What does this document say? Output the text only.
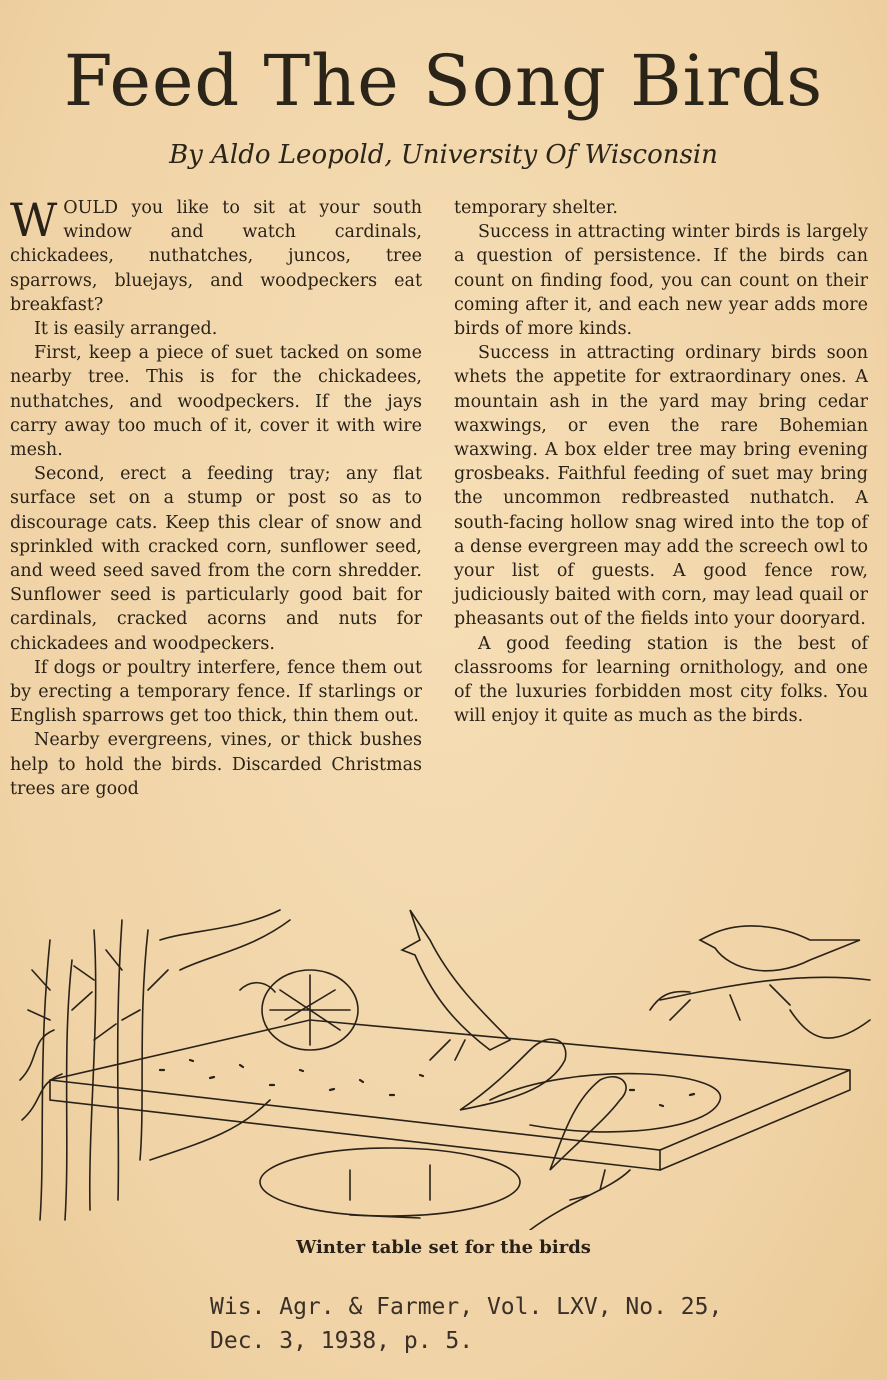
Feed The Song Birds
By Aldo Leopold, University Of Wisconsin

WOULD you like to sit at your south window and watch cardinals, chickadees, nuthatches, juncos, tree sparrows, bluejays, and woodpeckers eat breakfast?

It is easily arranged.

First, keep a piece of suet tacked on some nearby tree. This is for the chickadees, nuthatches, and woodpeckers. If the jays carry away too much of it, cover it with wire mesh.

Second, erect a feeding tray; any flat surface set on a stump or post so as to discourage cats. Keep this clear of snow and sprinkled with cracked corn, sunflower seed, and weed seed saved from the corn shredder. Sunflower seed is particularly good bait for cardinals, cracked acorns and nuts for chickadees and woodpeckers.

If dogs or poultry interfere, fence them out by erecting a temporary fence. If starlings or English sparrows get too thick, thin them out.

Nearby evergreens, vines, or thick bushes help to hold the birds. Discarded Christmas trees are good

temporary shelter.

Success in attracting winter birds is largely a question of persistence. If the birds can count on finding food, you can count on their coming after it, and each new year adds more birds of more kinds.

Success in attracting ordinary birds soon whets the appetite for extraordinary ones. A mountain ash in the yard may bring cedar waxwings, or even the rare Bohemian waxwing. A box elder tree may bring evening grosbeaks. Faithful feeding of suet may bring the uncommon redbreasted nuthatch. A south-facing hollow snag wired into the top of a dense evergreen may add the screech owl to your list of guests. A good fence row, judiciously baited with corn, may lead quail or pheasants out of the fields into your dooryard.

A good feeding station is the best of classrooms for learning ornithology, and one of the luxuries forbidden most city folks. You will enjoy it quite as much as the birds.

Winter table set for the birds
Wis. Agr. & Farmer, Vol. LXV, No. 25,
Dec. 3, 1938, p. 5.
